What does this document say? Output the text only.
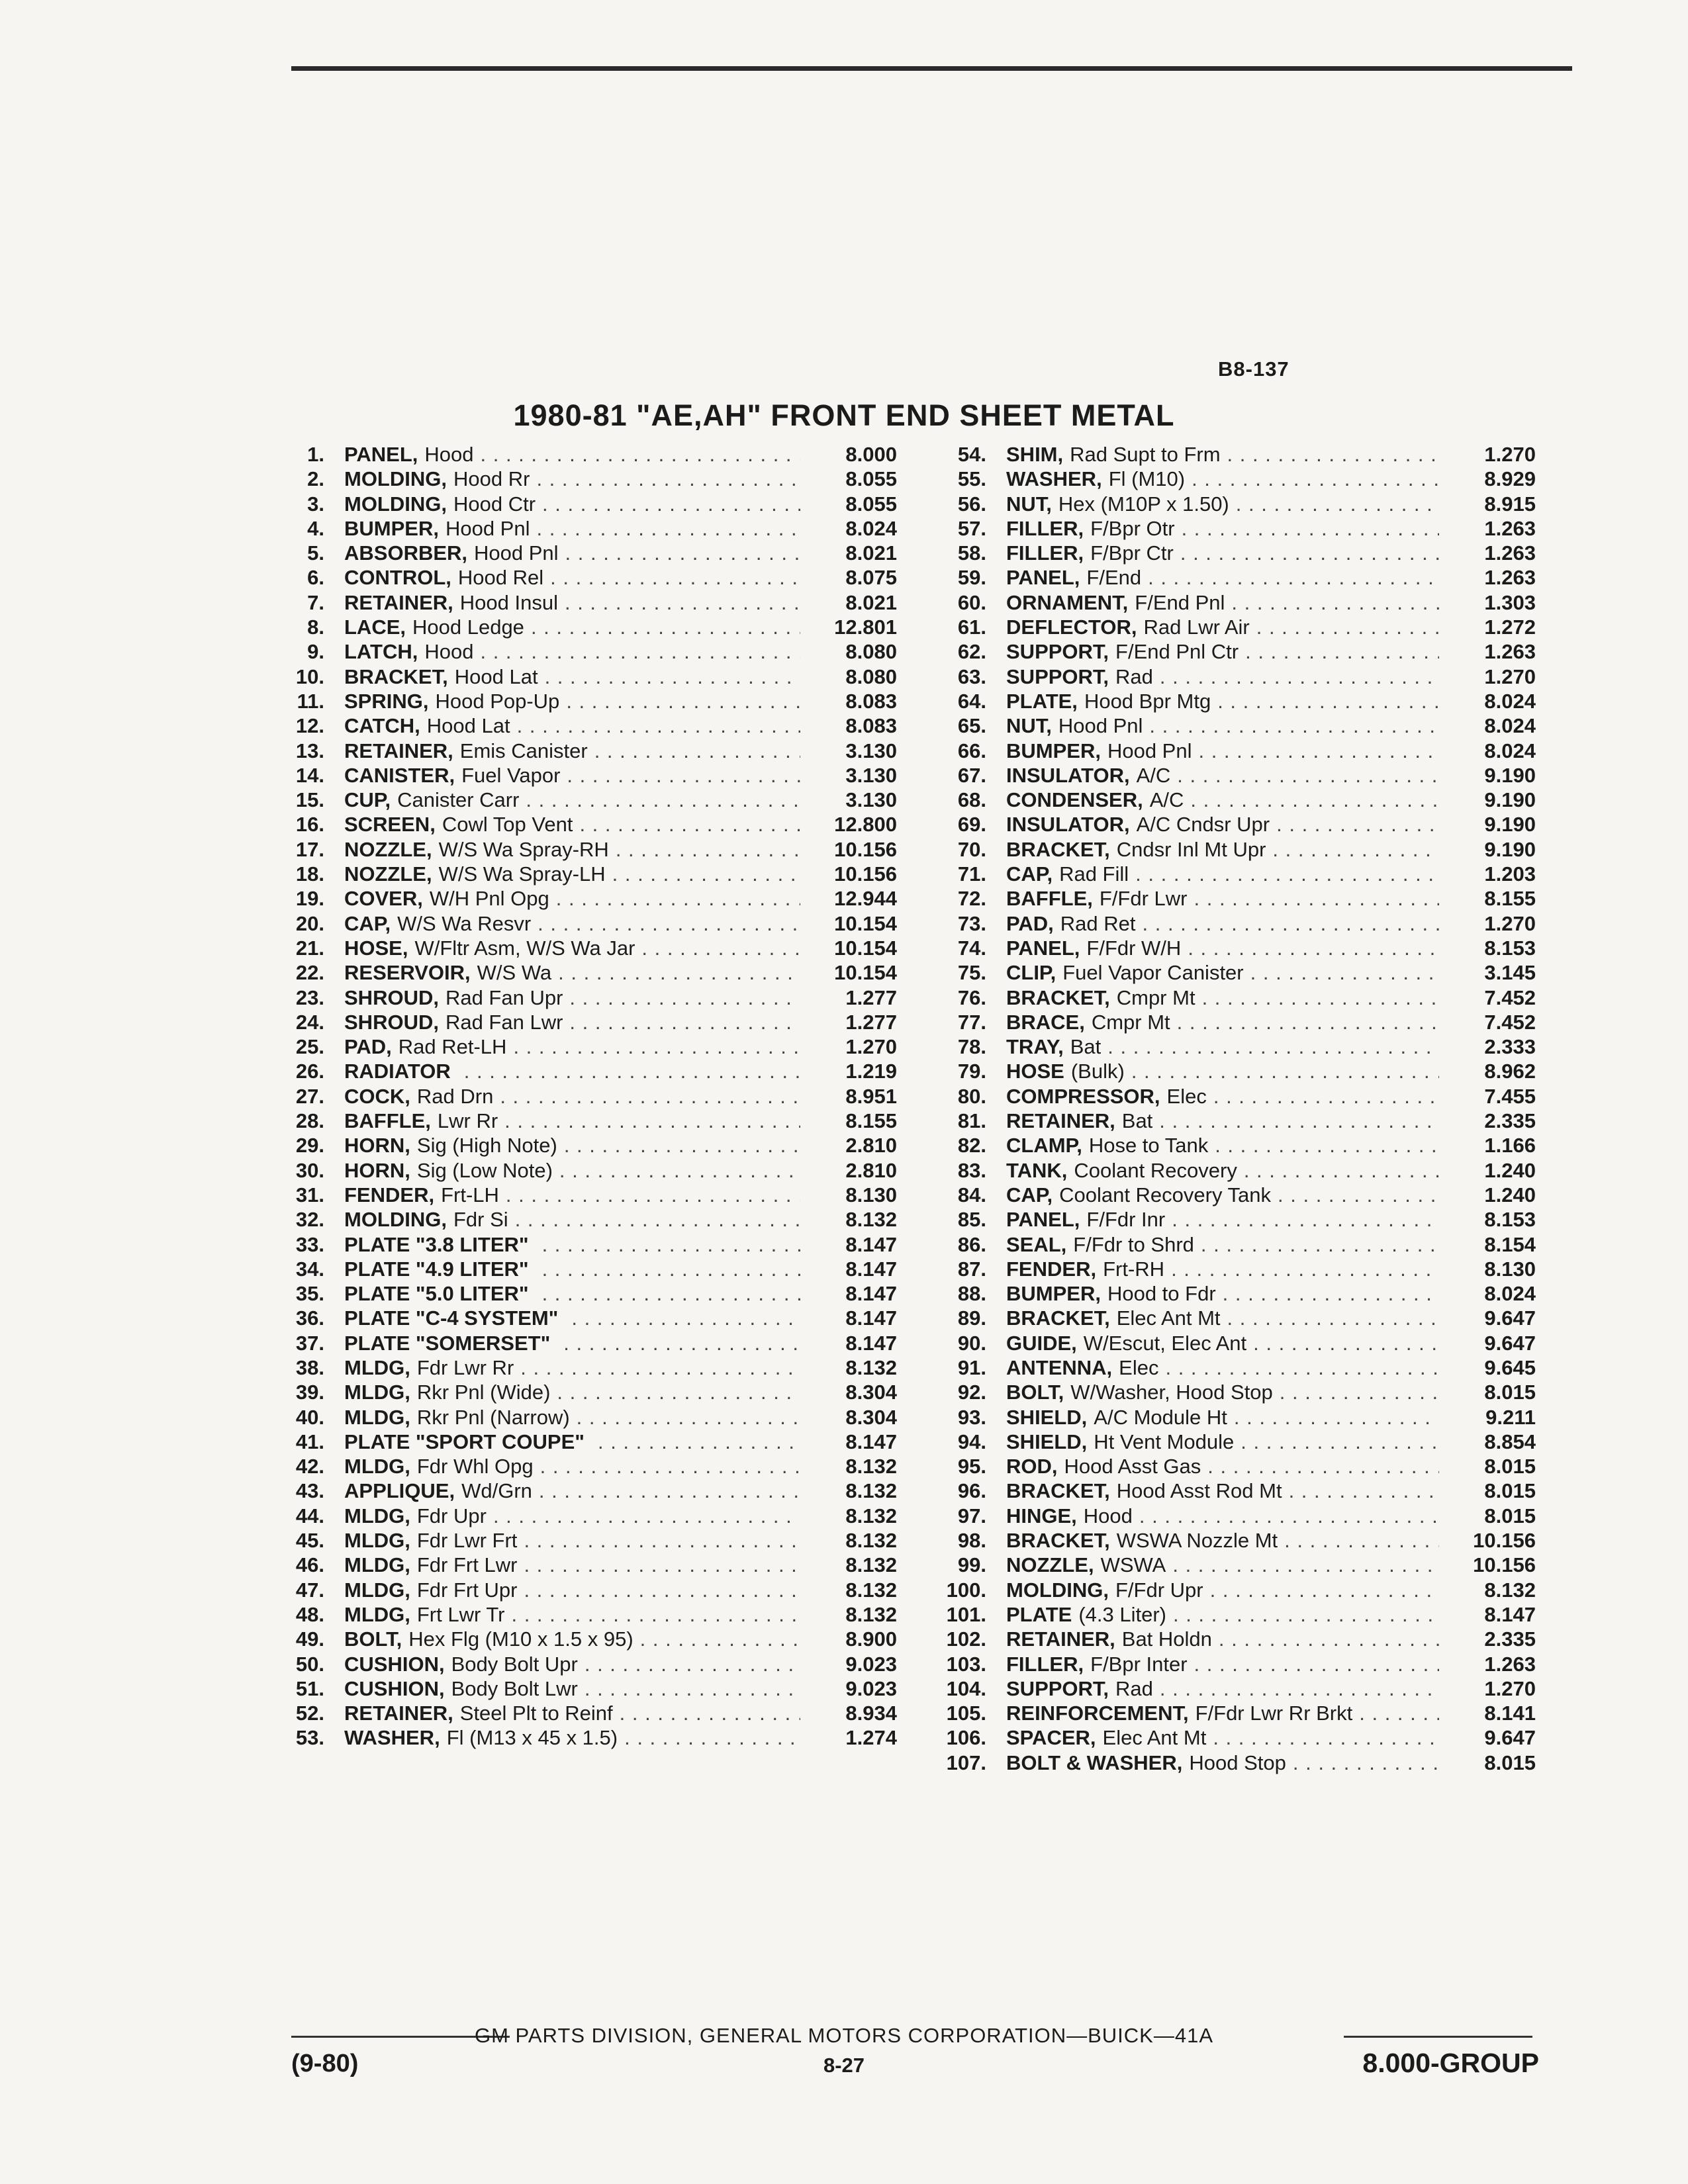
B8-137
1980-81 "AE,AH" FRONT END SHEET METAL
1. PANEL, Hood . . .	8.000
2. MOLDING, Hood Rr . . .	8.055
3. MOLDING, Hood Ctr . . .	8.055
4. BUMPER, Hood Pnl . . .	8.024
5. ABSORBER, Hood Pnl . . .	8.021
6. CONTROL, Hood Rel . . .	8.075
7. RETAINER, Hood Insul . . .	8.021
8. LACE, Hood Ledge . . .	12.801
9. LATCH, Hood . . .	8.080
10. BRACKET, Hood Lat . . .	8.080
11. SPRING, Hood Pop-Up . . .	8.083
12. CATCH, Hood Lat . . .	8.083
13. RETAINER, Emis Canister . . .	3.130
14. CANISTER, Fuel Vapor . . .	3.130
15. CUP, Canister Carr . . .	3.130
16. SCREEN, Cowl Top Vent . . .	12.800
17. NOZZLE, W/S Wa Spray-RH . . .	10.156
18. NOZZLE, W/S Wa Spray-LH . . .	10.156
19. COVER, W/H Pnl Opg . . .	12.944
20. CAP, W/S Wa Resvr . . .	10.154
21. HOSE, W/Fltr Asm, W/S Wa Jar . . .	10.154
22. RESERVOIR, W/S Wa . . .	10.154
23. SHROUD, Rad Fan Upr . . .	1.277
24. SHROUD, Rad Fan Lwr . . .	1.277
25. PAD, Rad Ret-LH . . .	1.270
26. RADIATOR . . .	1.219
27. COCK, Rad Drn . . .	8.951
28. BAFFLE, Lwr Rr . . .	8.155
29. HORN, Sig (High Note) . . .	2.810
30. HORN, Sig (Low Note) . . .	2.810
31. FENDER, Frt-LH . . .	8.130
32. MOLDING, Fdr Si . . .	8.132
33. PLATE "3.8 LITER" . . .	8.147
34. PLATE "4.9 LITER" . . .	8.147
35. PLATE "5.0 LITER" . . .	8.147
36. PLATE "C-4 SYSTEM" . . .	8.147
37. PLATE "SOMERSET" . . .	8.147
38. MLDG, Fdr Lwr Rr . . .	8.132
39. MLDG, Rkr Pnl (Wide) . . .	8.304
40. MLDG, Rkr Pnl (Narrow) . . .	8.304
41. PLATE "SPORT COUPE" . . .	8.147
42. MLDG, Fdr Whl Opg . . .	8.132
43. APPLIQUE, Wd/Grn . . .	8.132
44. MLDG, Fdr Upr . . .	8.132
45. MLDG, Fdr Lwr Frt . . .	8.132
46. MLDG, Fdr Frt Lwr . . .	8.132
47. MLDG, Fdr Frt Upr . . .	8.132
48. MLDG, Frt Lwr Tr . . .	8.132
49. BOLT, Hex Flg (M10 x 1.5 x 95) . . .	8.900
50. CUSHION, Body Bolt Upr . . .	9.023
51. CUSHION, Body Bolt Lwr . . .	9.023
52. RETAINER, Steel Plt to Reinf . . .	8.934
53. WASHER, Fl (M13 x 45 x 1.5) . . .	1.274
54. SHIM, Rad Supt to Frm . . .	1.270
55. WASHER, Fl (M10) . . .	8.929
56. NUT, Hex (M10P x 1.50) . . .	8.915
57. FILLER, F/Bpr Otr . . .	1.263
58. FILLER, F/Bpr Ctr . . .	1.263
59. PANEL, F/End . . .	1.263
60. ORNAMENT, F/End Pnl . . .	1.303
61. DEFLECTOR, Rad Lwr Air . . .	1.272
62. SUPPORT, F/End Pnl Ctr . . .	1.263
63. SUPPORT, Rad . . .	1.270
64. PLATE, Hood Bpr Mtg . . .	8.024
65. NUT, Hood Pnl . . .	8.024
66. BUMPER, Hood Pnl . . .	8.024
67. INSULATOR, A/C . . .	9.190
68. CONDENSER, A/C . . .	9.190
69. INSULATOR, A/C Cndsr Upr . . .	9.190
70. BRACKET, Cndsr Inl Mt Upr . . .	9.190
71. CAP, Rad Fill . . .	1.203
72. BAFFLE, F/Fdr Lwr . . .	8.155
73. PAD, Rad Ret . . .	1.270
74. PANEL, F/Fdr W/H . . .	8.153
75. CLIP, Fuel Vapor Canister . . .	3.145
76. BRACKET, Cmpr Mt . . .	7.452
77. BRACE, Cmpr Mt . . .	7.452
78. TRAY, Bat . . .	2.333
79. HOSE (Bulk) . . .	8.962
80. COMPRESSOR, Elec . . .	7.455
81. RETAINER, Bat . . .	2.335
82. CLAMP, Hose to Tank . . .	1.166
83. TANK, Coolant Recovery . . .	1.240
84. CAP, Coolant Recovery Tank . . .	1.240
85. PANEL, F/Fdr Inr . . .	8.153
86. SEAL, F/Fdr to Shrd . . .	8.154
87. FENDER, Frt-RH . . .	8.130
88. BUMPER, Hood to Fdr . . .	8.024
89. BRACKET, Elec Ant Mt . . .	9.647
90. GUIDE, W/Escut, Elec Ant . . .	9.647
91. ANTENNA, Elec . . .	9.645
92. BOLT, W/Washer, Hood Stop . . .	8.015
93. SHIELD, A/C Module Ht . . .	9.211
94. SHIELD, Ht Vent Module . . .	8.854
95. ROD, Hood Asst Gas . . .	8.015
96. BRACKET, Hood Asst Rod Mt . . .	8.015
97. HINGE, Hood . . .	8.015
98. BRACKET, WSWA Nozzle Mt . . .	10.156
99. NOZZLE, WSWA . . .	10.156
100. MOLDING, F/Fdr Upr . . .	8.132
101. PLATE (4.3 Liter) . . .	8.147
102. RETAINER, Bat Holdn . . .	2.335
103. FILLER, F/Bpr Inter . . .	1.263
104. SUPPORT, Rad . . .	1.270
105. REINFORCEMENT, F/Fdr Lwr Rr Brkt . . .	8.141
106. SPACER, Elec Ant Mt . . .	9.647
107. BOLT & WASHER, Hood Stop . . .	8.015
GM PARTS DIVISION, GENERAL MOTORS CORPORATION—BUICK—41A
(9-80)	8-27	8.000-GROUP
